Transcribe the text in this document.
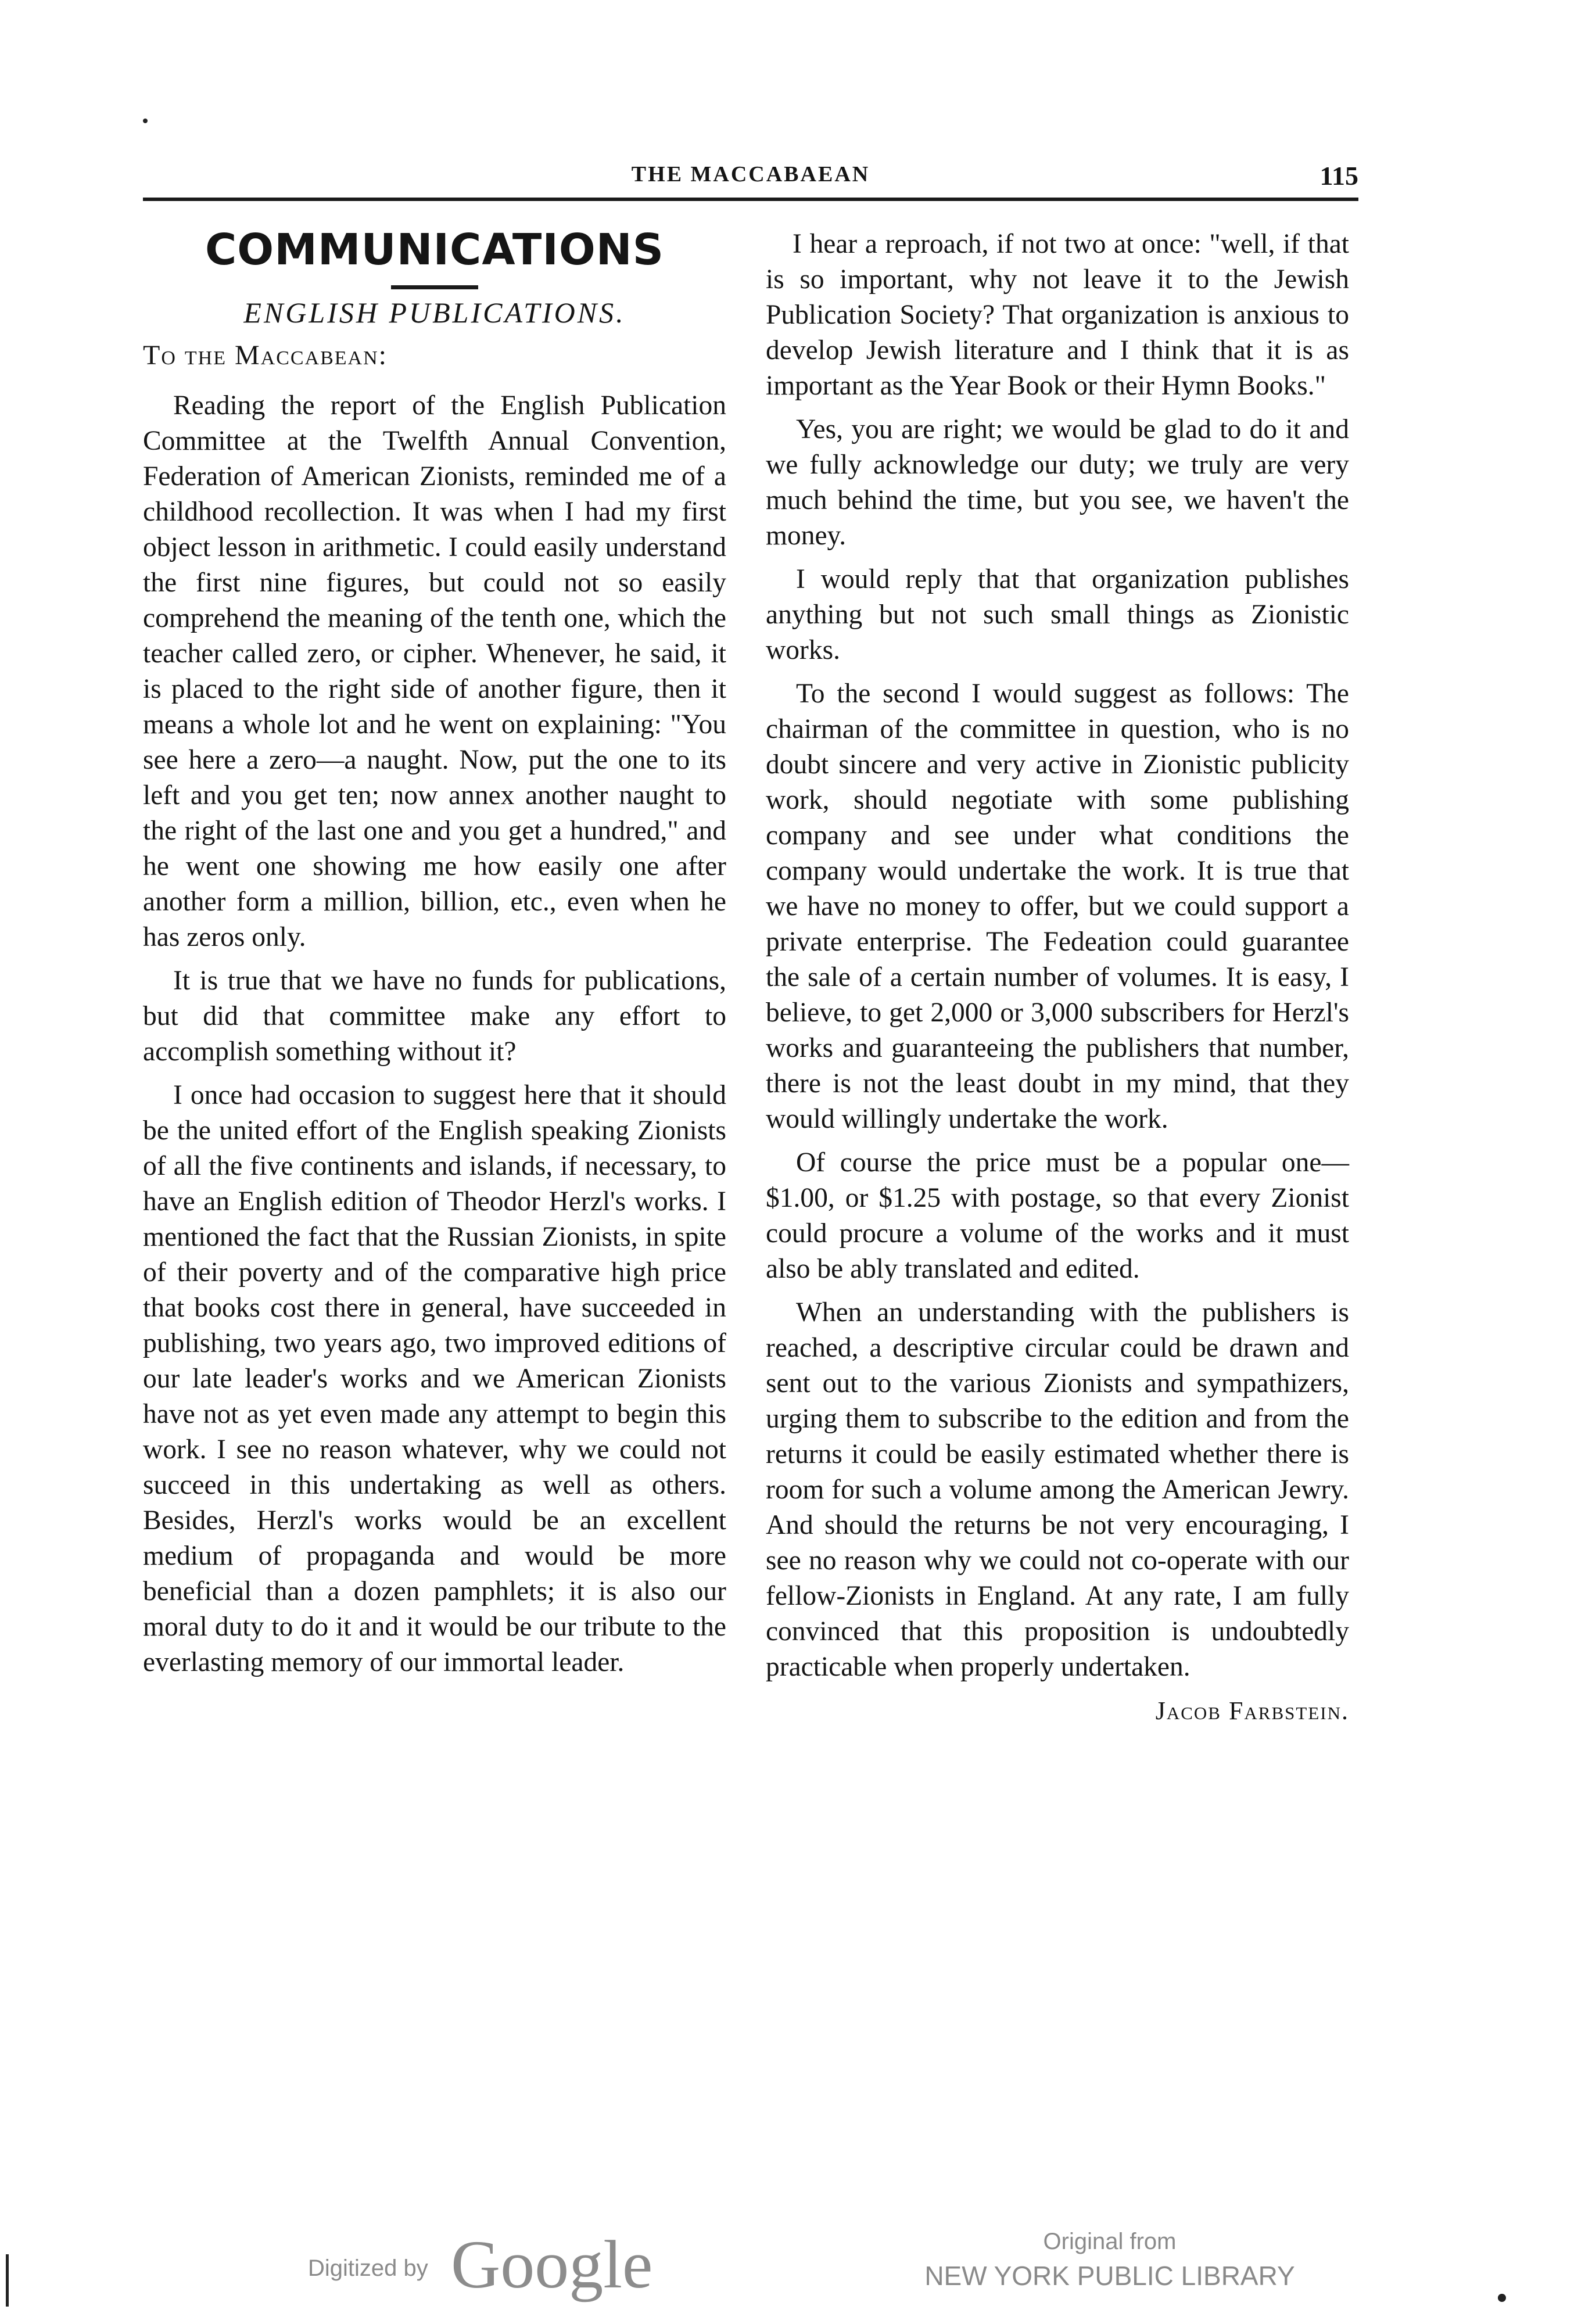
THE MACCABAEAN	115
COMMUNICATIONS
ENGLISH PUBLICATIONS.
To the Maccabean:

Reading the report of the English Publication Committee at the Twelfth Annual Convention, Federation of American Zionists, reminded me of a childhood recollection. It was when I had my first object lesson in arithmetic. I could easily understand the first nine figures, but could not so easily comprehend the meaning of the tenth one, which the teacher called zero, or cipher. Whenever, he said, it is placed to the right side of another figure, then it means a whole lot and he went on explaining: "You see here a zero—a naught. Now, put the one to its left and you get ten; now annex another naught to the right of the last one and you get a hundred," and he went one showing me how easily one after another form a million, billion, etc., even when he has zeros only.

It is true that we have no funds for publications, but did that committee make any effort to accomplish something without it?

I once had occasion to suggest here that it should be the united effort of the English speaking Zionists of all the five continents and islands, if necessary, to have an English edition of Theodor Herzl's works. I mentioned the fact that the Russian Zionists, in spite of their poverty and of the comparative high price that books cost there in general, have succeeded in publishing, two years ago, two improved editions of our late leader's works and we American Zionists have not as yet even made any attempt to begin this work. I see no reason whatever, why we could not succeed in this undertaking as well as others. Besides, Herzl's works would be an excellent medium of propaganda and would be more beneficial than a dozen pamphlets; it is also our moral duty to do it and it would be our tribute to the everlasting memory of our immortal leader.

I hear a reproach, if not two at once: "well, if that is so important, why not leave it to the Jewish Publication Society? That organization is anxious to develop Jewish literature and I think that it is as important as the Year Book or their Hymn Books."

Yes, you are right; we would be glad to do it and we fully acknowledge our duty; we truly are very much behind the time, but you see, we haven't the money.

I would reply that that organization publishes anything but not such small things as Zionistic works.

To the second I would suggest as follows: The chairman of the committee in question, who is no doubt sincere and very active in Zionistic publicity work, should negotiate with some publishing company and see under what conditions the company would undertake the work. It is true that we have no money to offer, but we could support a private enterprise. The Fedeation could guarantee the sale of a certain number of volumes. It is easy, I believe, to get 2,000 or 3,000 subscribers for Herzl's works and guaranteeing the publishers that number, there is not the least doubt in my mind, that they would willingly undertake the work.

Of course the price must be a popular one—$1.00, or $1.25 with postage, so that every Zionist could procure a volume of the works and it must also be ably translated and edited.

When an understanding with the publishers is reached, a descriptive circular could be drawn and sent out to the various Zionists and sympathizers, urging them to subscribe to the edition and from the returns it could be easily estimated whether there is room for such a volume among the American Jewry. And should the returns be not very encouraging, I see no reason why we could not co-operate with our fellow-Zionists in England. At any rate, I am fully convinced that this proposition is undoubtedly practicable when properly undertaken.

Jacob Farbstein.
Digitized by Google	Original from
NEW YORK PUBLIC LIBRARY
